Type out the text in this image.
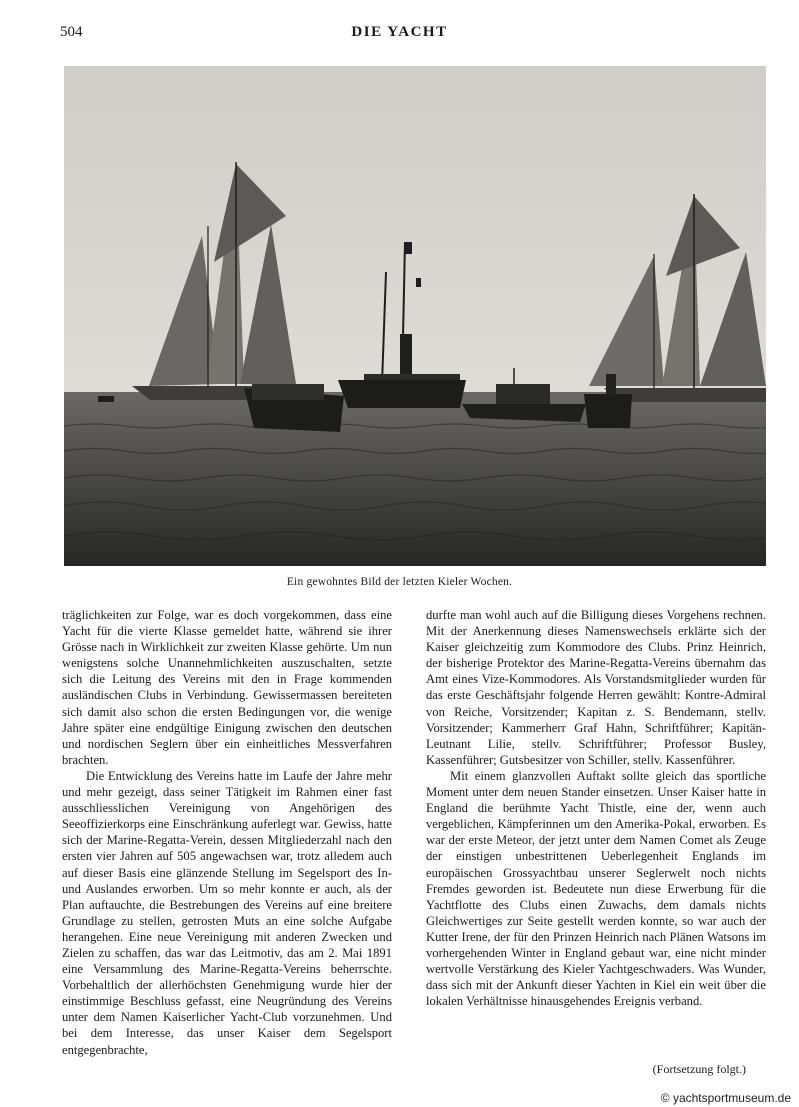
504	DIE YACHT
Ein gewohntes Bild der letzten Kieler Wochen.

träglichkeiten zur Folge, war es doch vorgekommen, dass eine Yacht für die vierte Klasse gemeldet hatte, während sie ihrer Grösse nach in Wirklichkeit zur zweiten Klasse gehörte. Um nun wenigstens solche Unannehmlichkeiten auszuschalten, setzte sich die Leitung des Vereins mit den in Frage kommenden ausländischen Clubs in Verbindung. Gewissermassen bereiteten sich damit also schon die ersten Bedingungen vor, die wenige Jahre später eine endgültige Einigung zwischen den deutschen und nordischen Seglern über ein einheitliches Messverfahren brachten.

Die Entwicklung des Vereins hatte im Laufe der Jahre mehr und mehr gezeigt, dass seiner Tätigkeit im Rahmen einer fast ausschliesslichen Vereinigung von Angehörigen des Seeoffizierkorps eine Einschränkung auferlegt war. Gewiss, hatte sich der Marine-Regatta-Verein, dessen Mitgliederzahl nach den ersten vier Jahren auf 505 angewachsen war, trotz alledem auch auf dieser Basis eine glänzende Stellung im Segelsport des In- und Auslandes erworben. Um so mehr konnte er auch, als der Plan auftauchte, die Bestrebungen des Vereins auf eine breitere Grundlage zu stellen, getrosten Muts an eine solche Aufgabe herangehen. Eine neue Vereinigung mit anderen Zwecken und Zielen zu schaffen, das war das Leitmotiv, das am 2. Mai 1891 eine Versammlung des Marine-Regatta-Vereins beherrschte. Vorbehaltlich der allerhöchsten Genehmigung wurde hier der einstimmige Beschluss gefasst, eine Neugründung des Vereins unter dem Namen Kaiserlicher Yacht-Club vorzunehmen. Und bei dem Interesse, das unser Kaiser dem Segelsport entgegenbrachte,

durfte man wohl auch auf die Billigung dieses Vorgehens rechnen. Mit der Anerkennung dieses Namenswechsels erklärte sich der Kaiser gleichzeitig zum Kommodore des Clubs. Prinz Heinrich, der bisherige Protektor des Marine-Regatta-Vereins übernahm das Amt eines Vize-Kommodores. Als Vorstandsmitglieder wurden für das erste Geschäftsjahr folgende Herren gewählt: Kontre-Admiral von Reiche, Vorsitzender; Kapitan z. S. Bendemann, stellv. Vorsitzender; Kammerherr Graf Hahn, Schriftführer; Kapitän-Leutnant Lilie, stellv. Schriftführer; Professor Busley, Kassenführer; Gutsbesitzer von Schiller, stellv. Kassenführer.

Mit einem glanzvollen Auftakt sollte gleich das sportliche Moment unter dem neuen Stander einsetzen. Unser Kaiser hatte in England die berühmte Yacht Thistle, eine der, wenn auch vergeblichen, Kämpferinnen um den Amerika-Pokal, erworben. Es war der erste Meteor, der jetzt unter dem Namen Comet als Zeuge der einstigen unbestrittenen Ueberlegenheit Englands im europäischen Grossyachtbau unserer Seglerwelt noch nichts Fremdes geworden ist. Bedeutete nun diese Erwerbung für die Yachtflotte des Clubs einen Zuwachs, dem damals nichts Gleichwertiges zur Seite gestellt werden konnte, so war auch der Kutter Irene, der für den Prinzen Heinrich nach Plänen Watsons im vorhergehenden Winter in England gebaut war, eine nicht minder wertvolle Verstärkung des Kieler Yachtgeschwaders. Was Wunder, dass sich mit der Ankunft dieser Yachten in Kiel ein weit über die lokalen Verhältnisse hinausgehendes Ereignis verband.

(Fortsetzung folgt.)
© yachtsportmuseum.de
